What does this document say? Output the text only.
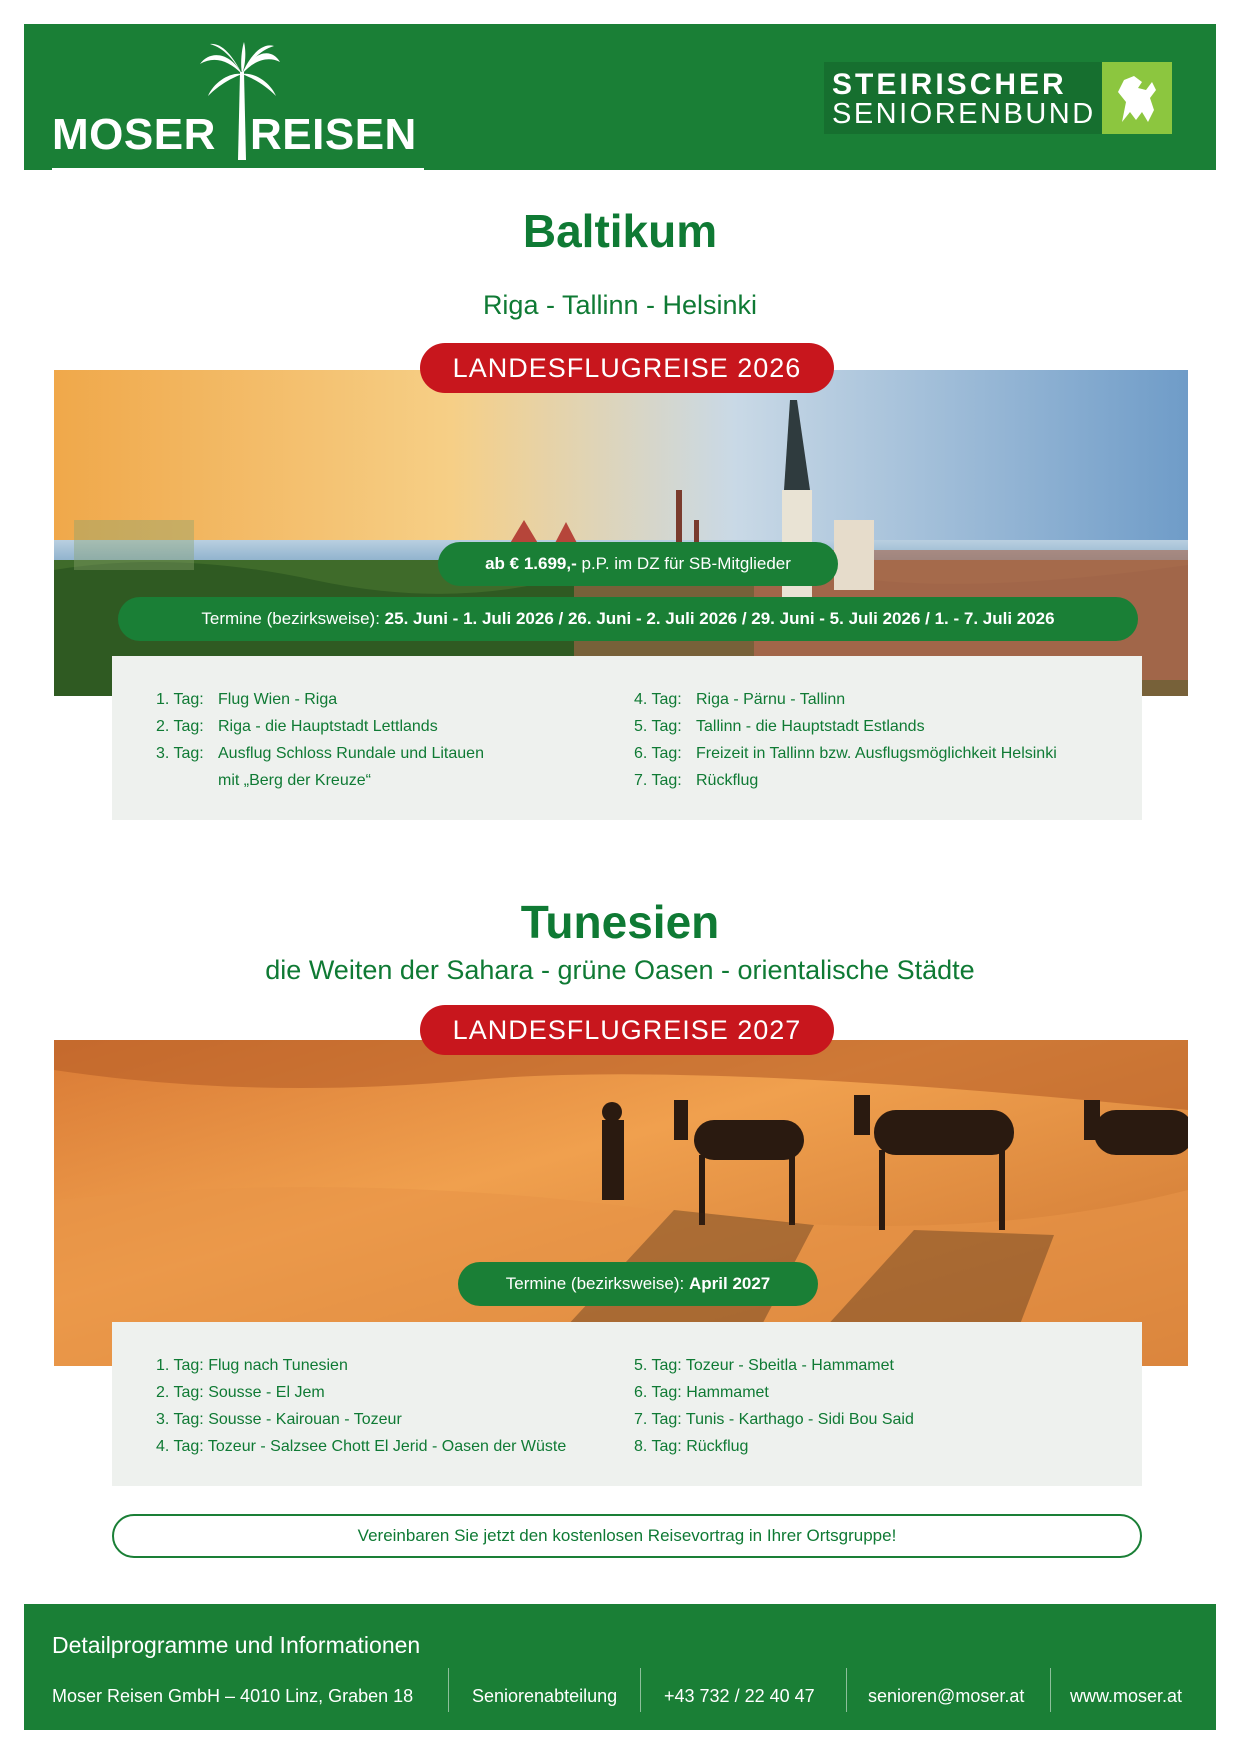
MOSER REISEN
STEIRISCHER
SENIORENBUND
Baltikum
Riga - Tallinn - Helsinki
LANDESFLUGREISE 2026
ab € 1.699,- p.P. im DZ für SB-Mitglieder
Termine (bezirksweise): 25. Juni - 1. Juli 2026 / 26. Juni - 2. Juli 2026 / 29. Juni - 5. Juli 2026 / 1. - 7. Juli 2026
1. Tag: Flug Wien - Riga
2. Tag: Riga - die Hauptstadt Lettlands
3. Tag: Ausflug Schloss Rundale und Litauen
mit „Berg der Kreuze“
4. Tag: Riga - Pärnu - Tallinn
5. Tag: Tallinn - die Hauptstadt Estlands
6. Tag: Freizeit in Tallinn bzw. Ausflugsmöglichkeit Helsinki
7. Tag: Rückflug
Tunesien
die Weiten der Sahara - grüne Oasen - orientalische Städte
LANDESFLUGREISE 2027
Termine (bezirksweise): April 2027
1. Tag: Flug nach Tunesien
2. Tag: Sousse - El Jem
3. Tag: Sousse - Kairouan - Tozeur
4. Tag: Tozeur - Salzsee Chott El Jerid - Oasen der Wüste
5. Tag: Tozeur - Sbeitla - Hammamet
6. Tag: Hammamet
7. Tag: Tunis - Karthago - Sidi Bou Said
8. Tag: Rückflug
Vereinbaren Sie jetzt den kostenlosen Reisevortrag in Ihrer Ortsgruppe!
Detailprogramme und Informationen
Moser Reisen GmbH – 4010 Linz, Graben 18	Seniorenabteilung	+43 732 / 22 40 47	senioren@moser.at	www.moser.at
